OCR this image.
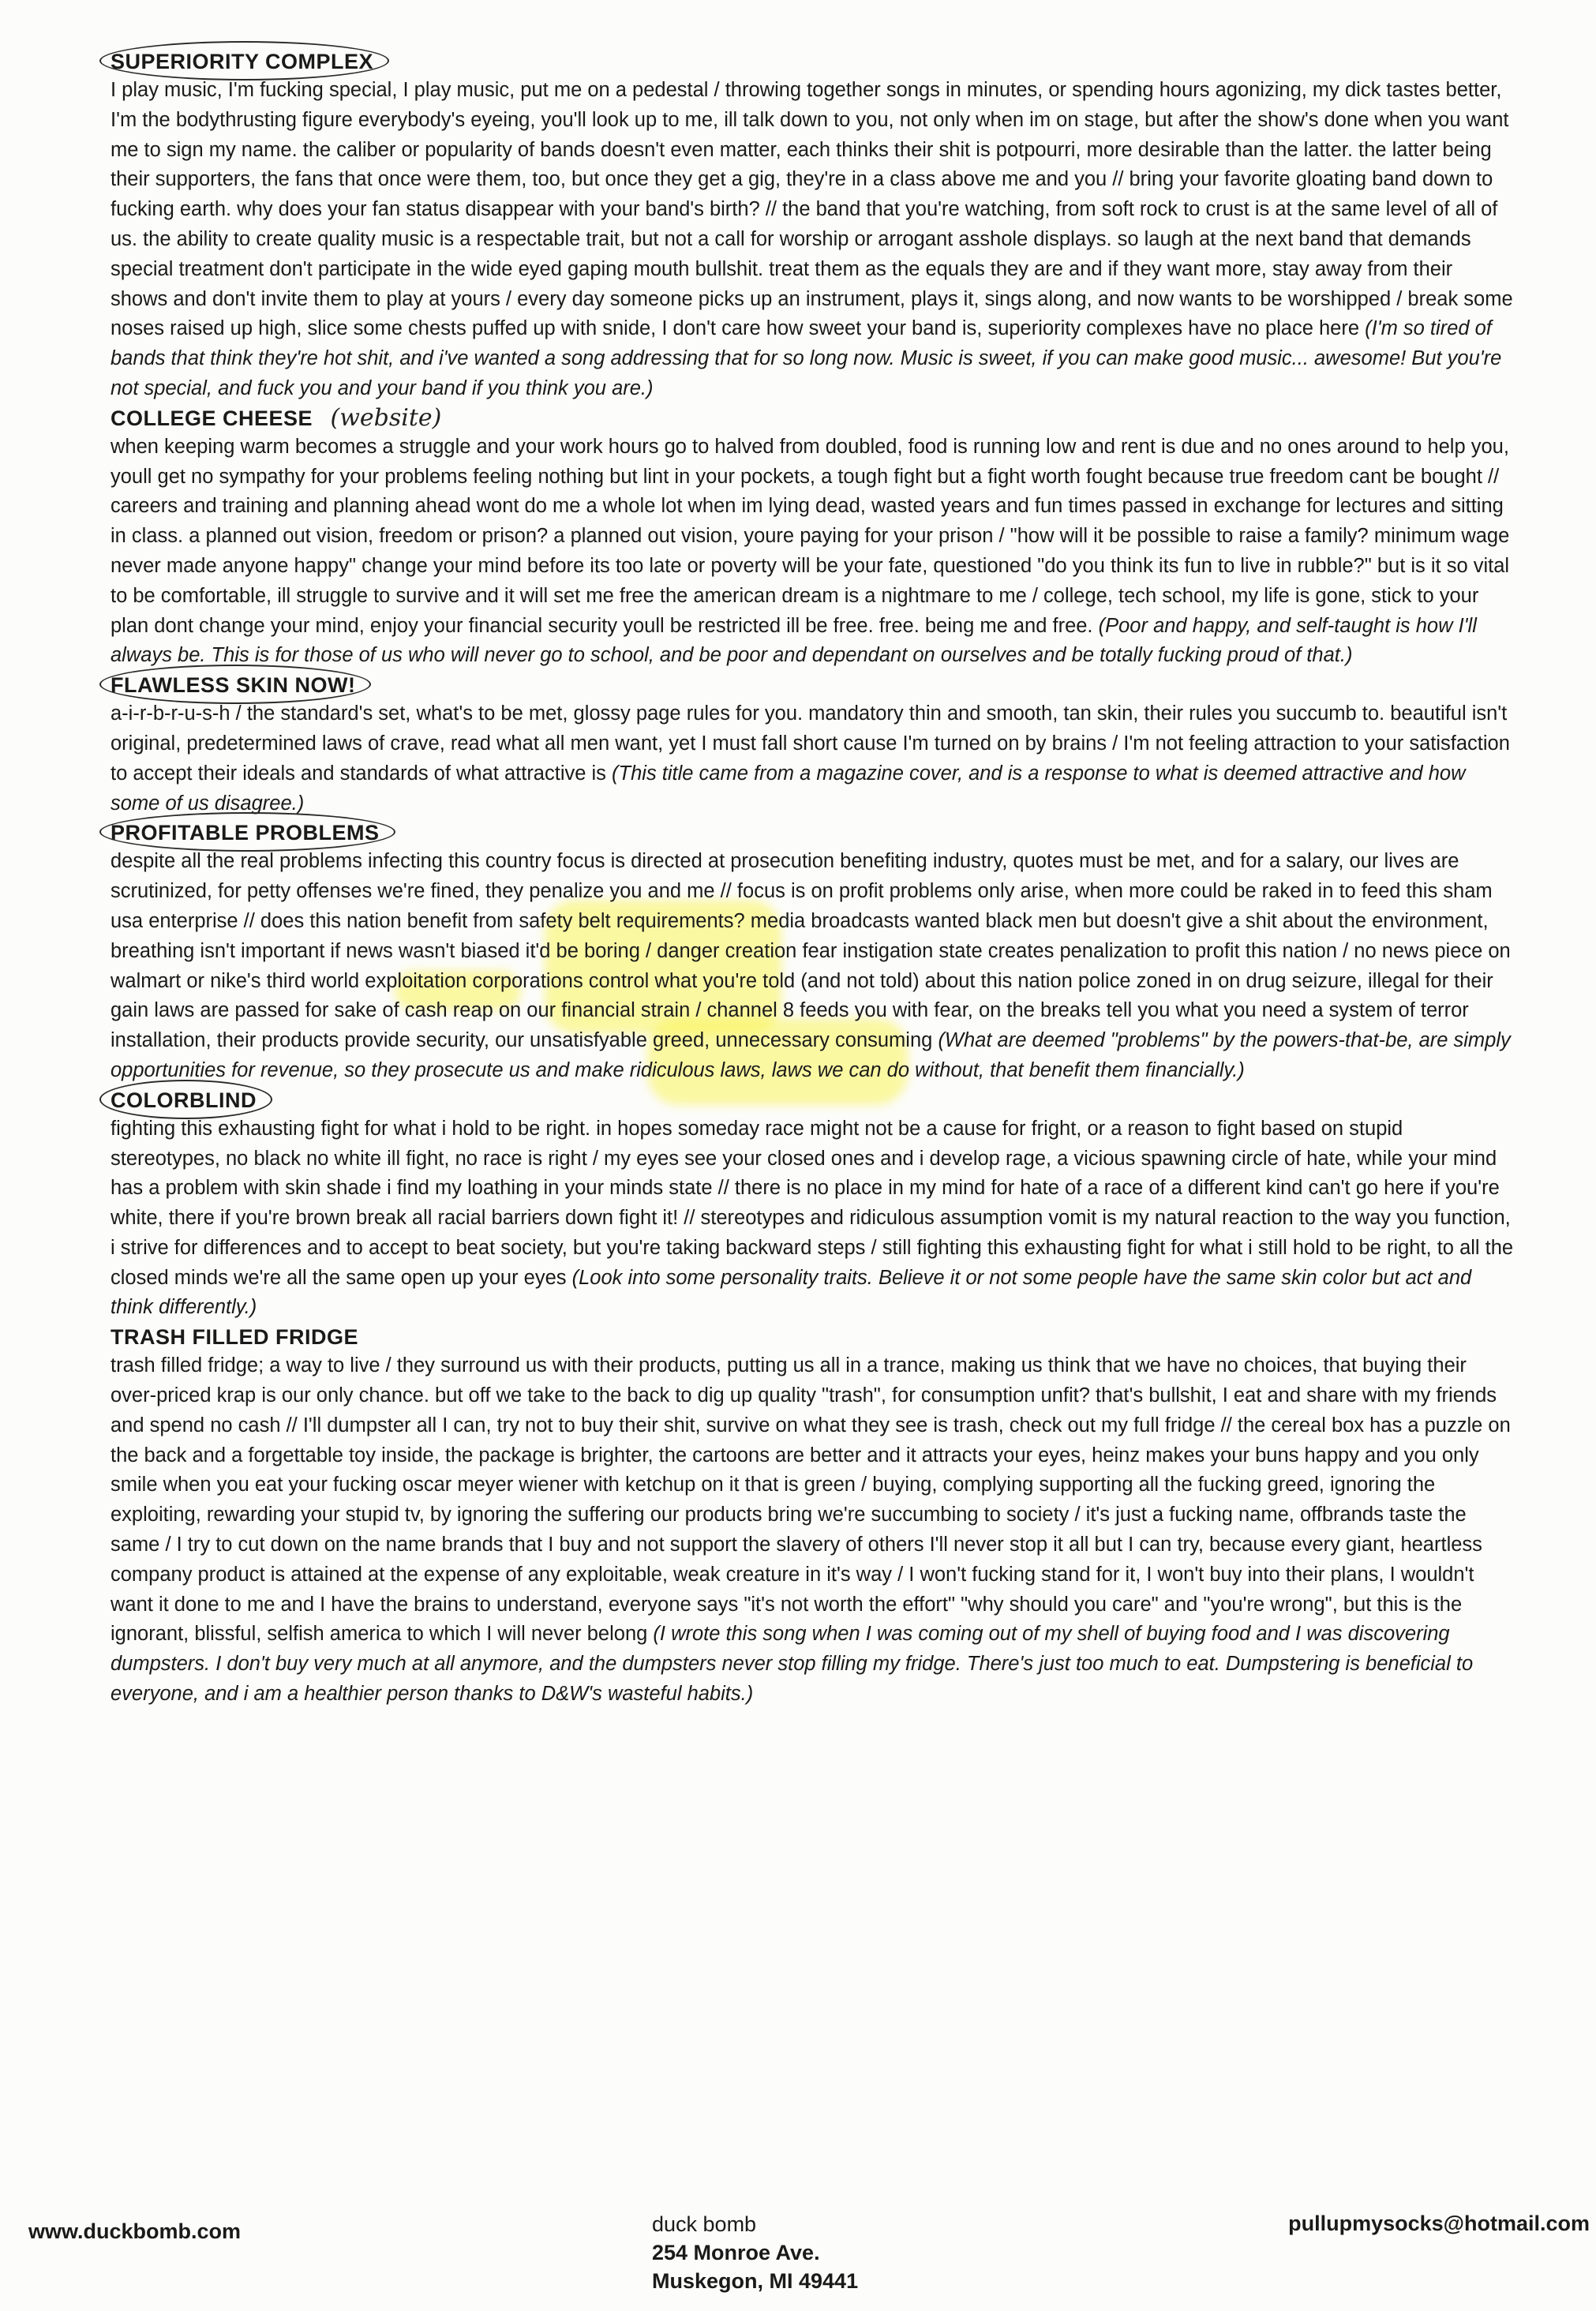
SUPERIORITY COMPLEX

I play music, I'm fucking special, I play music, put me on a pedestal / throwing together songs in minutes, or spending hours agonizing, my dick tastes better, I'm the bodythrusting figure everybody's eyeing, you'll look up to me, ill talk down to you, not only when im on stage, but after the show's done when you want me to sign my name. the caliber or popularity of bands doesn't even matter, each thinks their shit is potpourri, more desirable than the latter. the latter being their supporters, the fans that once were them, too, but once they get a gig, they're in a class above me and you // bring your favorite gloating band down to fucking earth. why does your fan status disappear with your band's birth? // the band that you're watching, from soft rock to crust is at the same level of all of us. the ability to create quality music is a respectable trait, but not a call for worship or arrogant asshole displays. so laugh at the next band that demands special treatment don't participate in the wide eyed gaping mouth bullshit. treat them as the equals they are and if they want more, stay away from their shows and don't invite them to play at yours / every day someone picks up an instrument, plays it, sings along, and now wants to be worshipped / break some noses raised up high, slice some chests puffed up with snide, I don't care how sweet your band is, superiority complexes have no place here (I'm so tired of bands that think they're hot shit, and i've wanted a song addressing that for so long now. Music is sweet, if you can make good music... awesome! But you're not special, and fuck you and your band if you think you are.)

COLLEGE CHEESE (website)

when keeping warm becomes a struggle and your work hours go to halved from doubled, food is running low and rent is due and no ones around to help you, youll get no sympathy for your problems feeling nothing but lint in your pockets, a tough fight but a fight worth fought because true freedom cant be bought // careers and training and planning ahead wont do me a whole lot when im lying dead, wasted years and fun times passed in exchange for lectures and sitting in class. a planned out vision, freedom or prison? a planned out vision, youre paying for your prison / "how will it be possible to raise a family? minimum wage never made anyone happy" change your mind before its too late or poverty will be your fate, questioned "do you think its fun to live in rubble?" but is it so vital to be comfortable, ill struggle to survive and it will set me free the american dream is a nightmare to me / college, tech school, my life is gone, stick to your plan dont change your mind, enjoy your financial security youll be restricted ill be free. free. being me and free. (Poor and happy, and self-taught is how I'll always be. This is for those of us who will never go to school, and be poor and dependant on ourselves and be totally fucking proud of that.)

FLAWLESS SKIN NOW!

a-i-r-b-r-u-s-h / the standard's set, what's to be met, glossy page rules for you. mandatory thin and smooth, tan skin, their rules you succumb to. beautiful isn't original, predetermined laws of crave, read what all men want, yet I must fall short cause I'm turned on by brains / I'm not feeling attraction to your satisfaction to accept their ideals and standards of what attractive is (This title came from a magazine cover, and is a response to what is deemed attractive and how some of us disagree.)

PROFITABLE PROBLEMS

despite all the real problems infecting this country focus is directed at prosecution benefiting industry, quotes must be met, and for a salary, our lives are scrutinized, for petty offenses we're fined, they penalize you and me // focus is on profit problems only arise, when more could be raked in to feed this sham usa enterprise // does this nation benefit from safety belt requirements? media broadcasts wanted black men but doesn't give a shit about the environment, breathing isn't important if news wasn't biased it'd be boring / danger creation fear instigation state creates penalization to profit this nation / no news piece on walmart or nike's third world exploitation corporations control what you're told (and not told) about this nation police zoned in on drug seizure, illegal for their gain laws are passed for sake of cash reap on our financial strain / channel 8 feeds you with fear, on the breaks tell you what you need a system of terror installation, their products provide security, our unsatisfyable greed, unnecessary consuming (What are deemed "problems" by the powers-that-be, are simply opportunities for revenue, so they prosecute us and make ridiculous laws, laws we can do without, that benefit them financially.)

COLORBLIND

fighting this exhausting fight for what i hold to be right. in hopes someday race might not be a cause for fright, or a reason to fight based on stupid stereotypes, no black no white ill fight, no race is right / my eyes see your closed ones and i develop rage, a vicious spawning circle of hate, while your mind has a problem with skin shade i find my loathing in your minds state // there is no place in my mind for hate of a race of a different kind can't go here if you're white, there if you're brown break all racial barriers down fight it! // stereotypes and ridiculous assumption vomit is my natural reaction to the way you function, i strive for differences and to accept to beat society, but you're taking backward steps / still fighting this exhausting fight for what i still hold to be right, to all the closed minds we're all the same open up your eyes (Look into some personality traits. Believe it or not some people have the same skin color but act and think differently.)

TRASH FILLED FRIDGE

trash filled fridge; a way to live / they surround us with their products, putting us all in a trance, making us think that we have no choices, that buying their over-priced krap is our only chance. but off we take to the back to dig up quality "trash", for consumption unfit? that's bullshit, I eat and share with my friends and spend no cash // I'll dumpster all I can, try not to buy their shit, survive on what they see is trash, check out my full fridge // the cereal box has a puzzle on the back and a forgettable toy inside, the package is brighter, the cartoons are better and it attracts your eyes, heinz makes your buns happy and you only smile when you eat your fucking oscar meyer wiener with ketchup on it that is green / buying, complying supporting all the fucking greed, ignoring the exploiting, rewarding your stupid tv, by ignoring the suffering our products bring we're succumbing to society / it's just a fucking name, offbrands taste the same / I try to cut down on the name brands that I buy and not support the slavery of others I'll never stop it all but I can try, because every giant, heartless company product is attained at the expense of any exploitable, weak creature in it's way / I won't fucking stand for it, I won't buy into their plans, I wouldn't want it done to me and I have the brains to understand, everyone says "it's not worth the effort" "why should you care" and "you're wrong", but this is the ignorant, blissful, selfish america to which I will never belong (I wrote this song when I was coming out of my shell of buying food and I was discovering dumpsters. I don't buy very much at all anymore, and the dumpsters never stop filling my fridge. There's just too much to eat. Dumpstering is beneficial to everyone, and i am a healthier person thanks to D&W's wasteful habits.)

www.duckbomb.com	duck bomb
254 Monroe Ave.
Muskegon, MI 49441
pullupmysocks@hotmail.com
